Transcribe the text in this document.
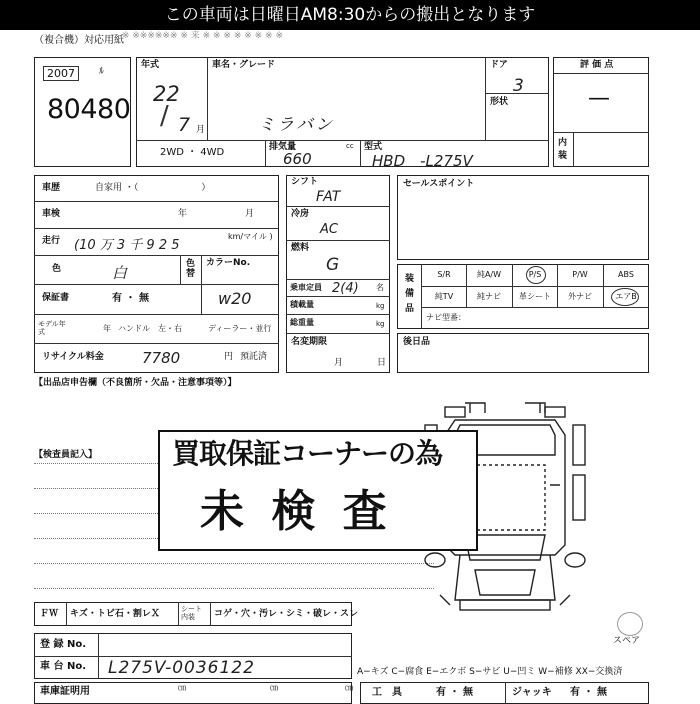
この車両は日曜日AM8:30からの搬出となります
ー ※ ※※※※※※ ※ 来 ※ ※ ※ ※ ※ ※ ※ ※
（複合機）対応用紙
2007	ﾙ
80480
年式
22
/ 7 月
車名・グレード
ミラバン
ドア
3
形状
2WD ・ 4WD	排気量	cc
660
型式
HBD　-L275V
評 価 点
—
内装
車歴	自家用 ・（　　　　　　　）
車検	年	月
走行 (10 万 3 千 9 2 5
km/マイル )
色	白	色替
カラーNo.
w20
保証書	有 ・ 無
モデル年式	年 ハンドル　左・右	ディーラー・並行
リサイクル料金	7780	円 預託済
シフト
FAT
冷房
AC
燃料
G
乗車定員 2(4) 名
積載量	kg
総重量	kg
名変期限
月	日
セールスポイント
装備品
S/R	純A/W	P/S	P/W	ABS
純TV	純ナビ	革シート	外ナビ	エアB
ナビ型番：
後日品
【出品店申告欄（不良箇所・欠品・注意事項等）】
【検査員記入】
スペア
買取保証コーナーの為
未 検 査
ＦＷ キズ・トビ石・割レＸ	シート内装	コゲ・穴・汚レ・シミ・破レ・スレ
登 録 No.
車 台 No. L275V-0036122
車庫証明用	㎝	㎝	㎝
A−キズ C−腐食 E−エクボ S−サビ U−凹ミ W−補修 XX−交換済
工　具	有 ・ 無	ジャッキ 有 ・ 無
